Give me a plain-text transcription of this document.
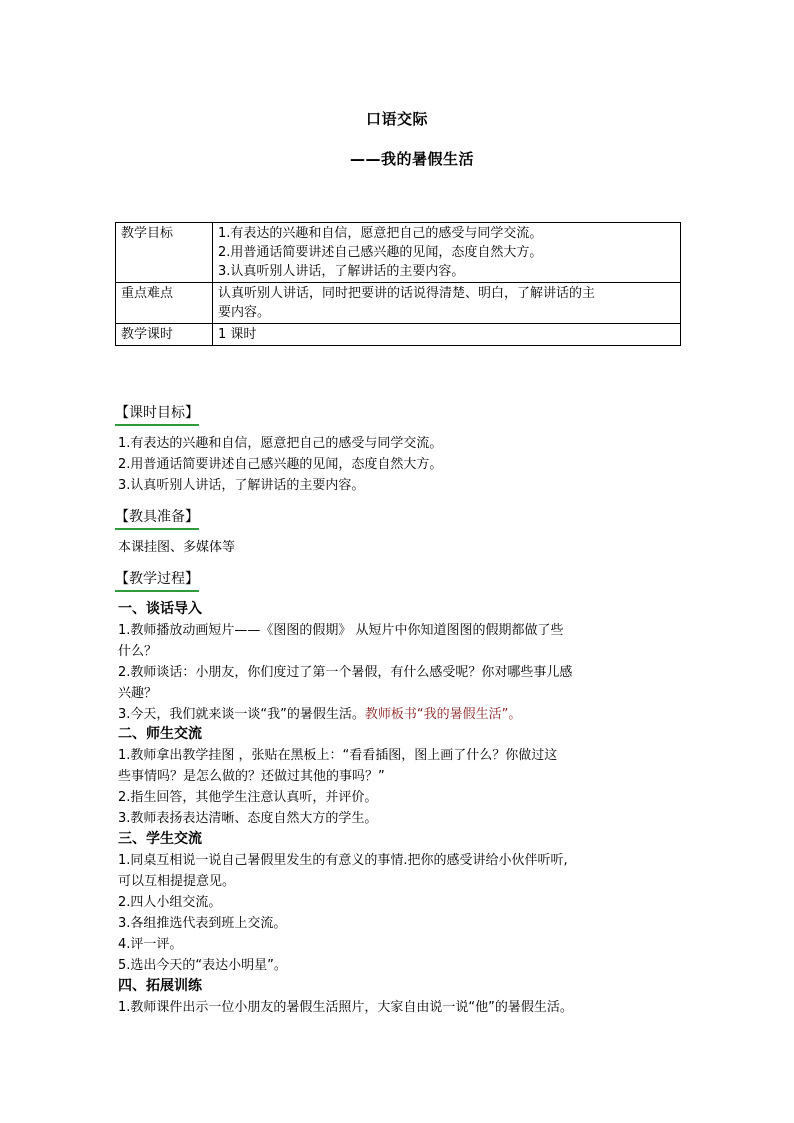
口语交际
——我的暑假生活
教学目标	1.有表达的兴趣和自信，愿意把自己的感受与同学交流。
2.用普通话简要讲述自己感兴趣的见闻，态度自然大方。
3.认真听别人讲话，了解讲话的主要内容。

重点难点	认真听别人讲话，同时把要讲的话说得清楚、明白，了解讲话的主
要内容。

教学课时	1 课时
【课时目标】
1.有表达的兴趣和自信，愿意把自己的感受与同学交流。
2.用普通话简要讲述自己感兴趣的见闻，态度自然大方。
3.认真听别人讲话，了解讲话的主要内容。
【教具准备】
本课挂图、多媒体等
【教学过程】
一、谈话导入
1.教师播放动画短片——《图图的假期》 从短片中你知道图图的假期都做了些
什么？
2.教师谈话：小朋友，你们度过了第一个暑假，有什么感受呢？你对哪些事儿感
兴趣？
3.今天，我们就来谈一谈“我”的暑假生活。教师板书“我的暑假生活”。
二、师生交流
1.教师拿出教学挂图 ，张贴在黑板上：“看看插图，图上画了什么？你做过这
些事情吗？是怎么做的？还做过其他的事吗？”
2.指生回答，其他学生注意认真听，并评价。
3.教师表扬表达清晰、态度自然大方的学生。
三、学生交流
1.同桌互相说一说自己暑假里发生的有意义的事情.把你的感受讲给小伙伴听听,
可以互相提提意见。
2.四人小组交流。
3.各组推选代表到班上交流。
4.评一评。
5.选出今天的“表达小明星”。
四、拓展训练
1.教师课件出示一位小朋友的暑假生活照片，大家自由说一说“他”的暑假生活。
